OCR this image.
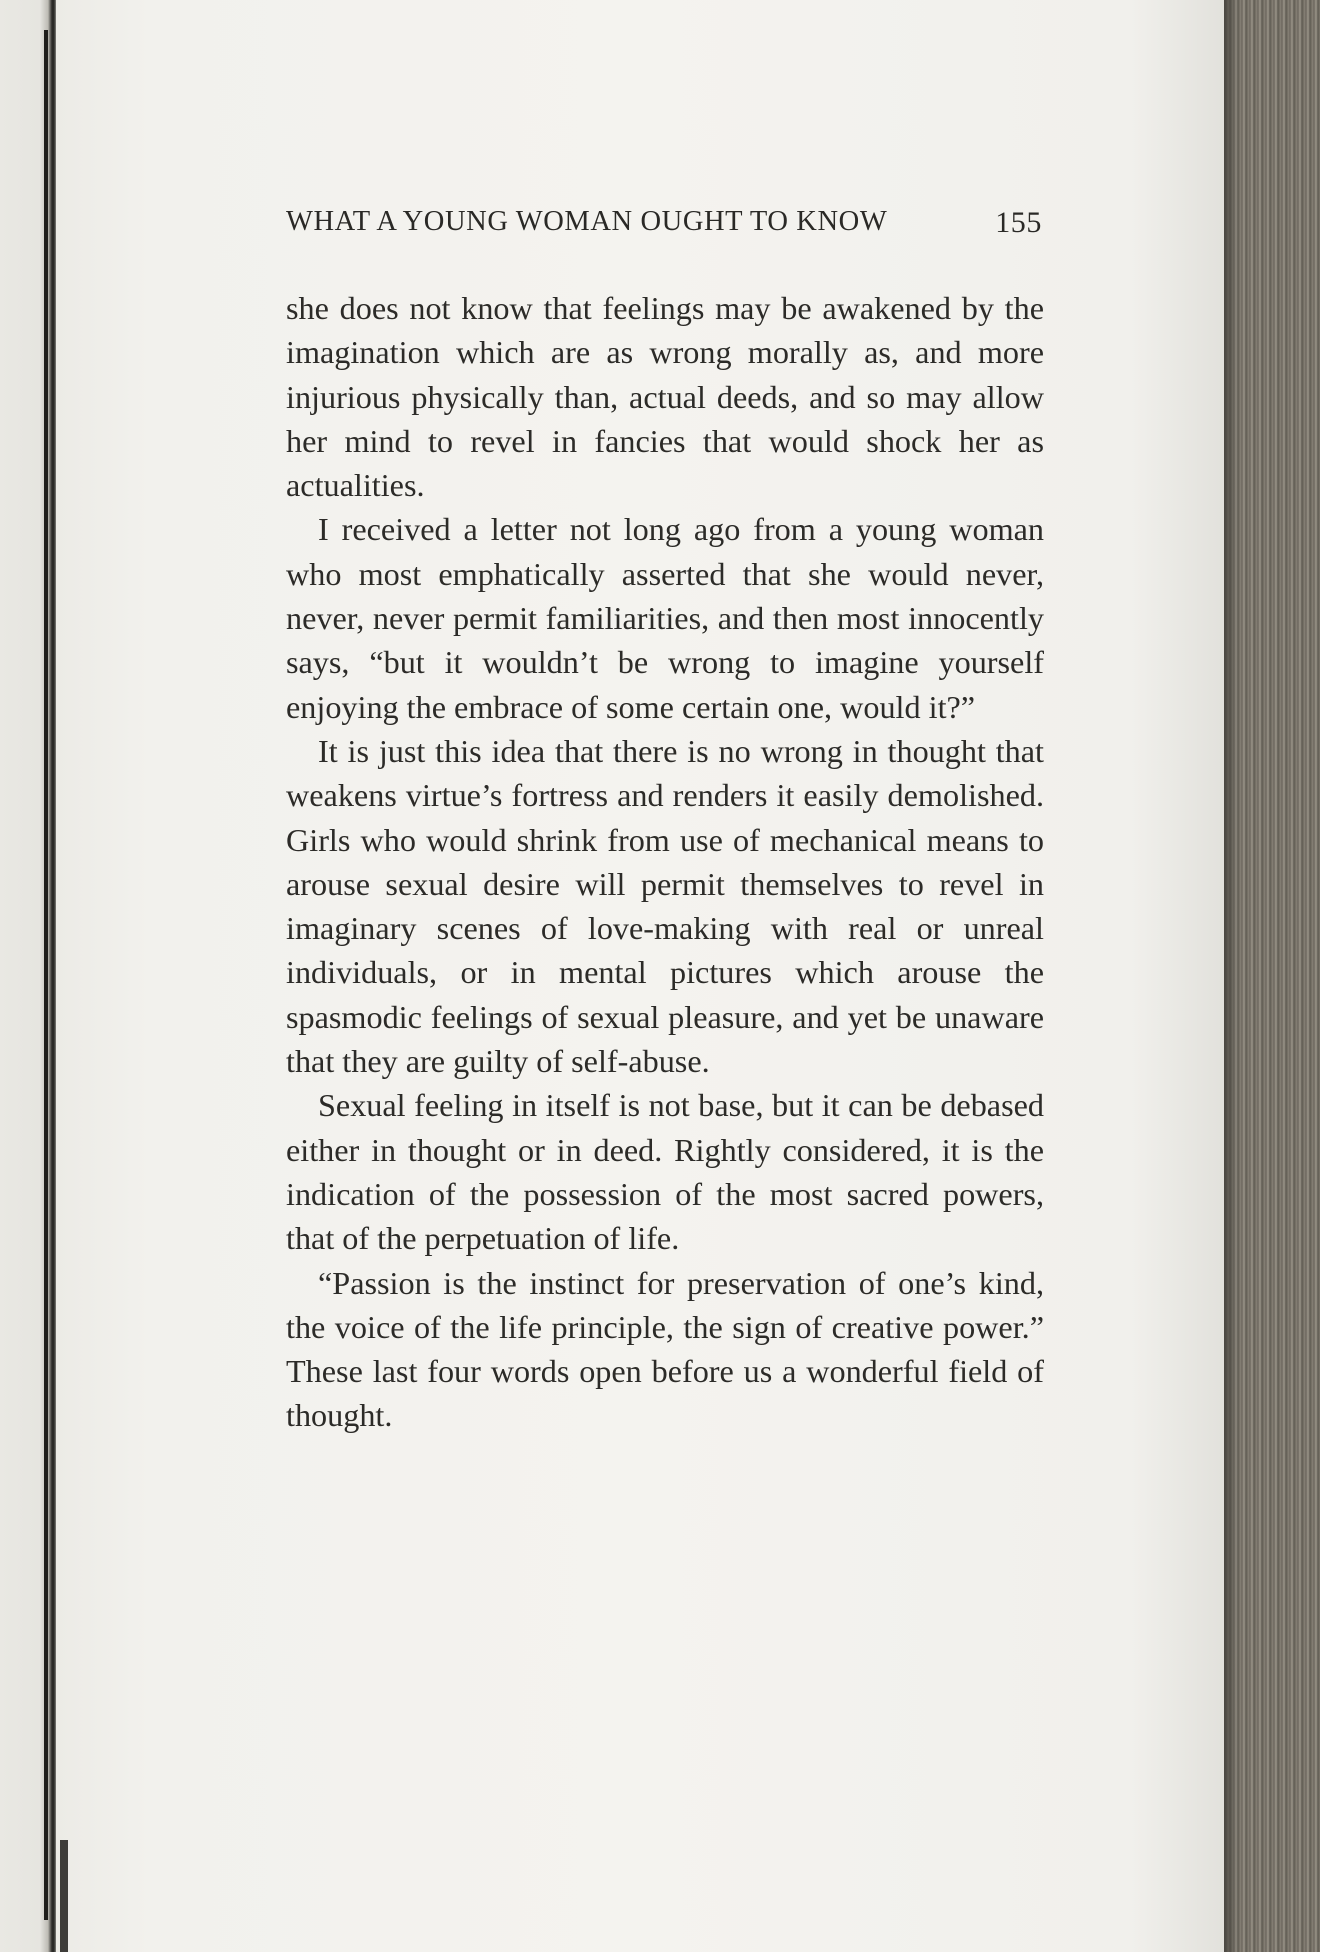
WHAT A YOUNG WOMAN OUGHT TO KNOW	155

she does not know that feelings may be awakened by the imagination which are as wrong morally as, and more injurious physically than, actual deeds, and so may allow her mind to revel in fancies that would shock her as actualities.

I received a letter not long ago from a young woman who most emphatically asserted that she would never, never, never permit familiarities, and then most innocently says, “but it wouldn’t be wrong to imagine yourself enjoying the embrace of some certain one, would it?”

It is just this idea that there is no wrong in thought that weakens virtue’s fortress and renders it easily demolished. Girls who would shrink from use of mechanical means to arouse sexual desire will permit themselves to revel in imaginary scenes of love-making with real or unreal individuals, or in mental pictures which arouse the spasmodic feelings of sexual pleasure, and yet be unaware that they are guilty of self-abuse.

Sexual feeling in itself is not base, but it can be debased either in thought or in deed. Rightly considered, it is the indication of the possession of the most sacred powers, that of the perpetuation of life.

“Passion is the instinct for preservation of one’s kind, the voice of the life principle, the sign of creative power.” These last four words open before us a wonderful field of thought.
